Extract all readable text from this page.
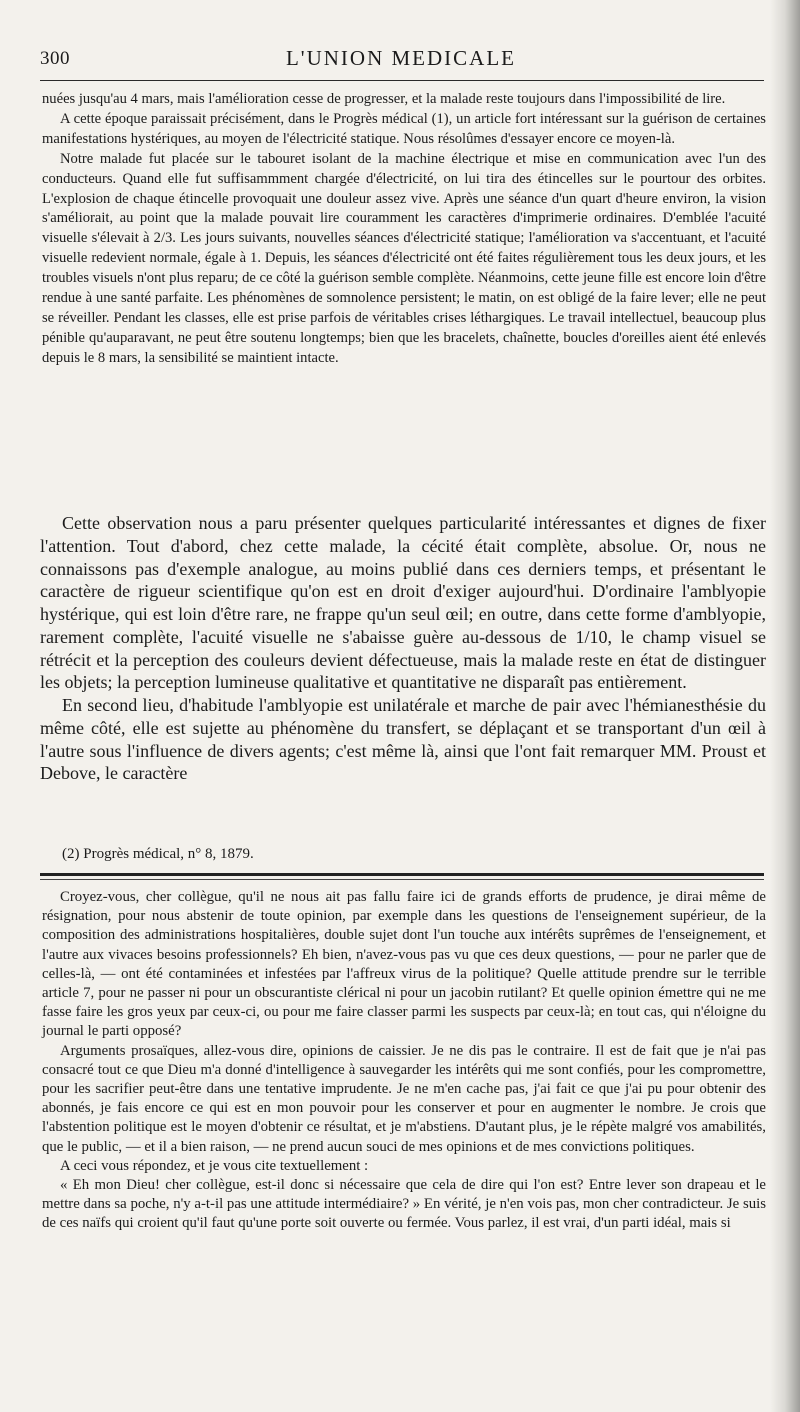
300	L'UNION MEDICALE

nuées jusqu'au 4 mars, mais l'amélioration cesse de progresser, et la malade reste toujours dans l'impossibilité de lire.

A cette époque paraissait précisément, dans le Progrès médical (1), un article fort intéressant sur la guérison de certaines manifestations hystériques, au moyen de l'électricité statique. Nous résolûmes d'essayer encore ce moyen-là.

Notre malade fut placée sur le tabouret isolant de la machine électrique et mise en communication avec l'un des conducteurs. Quand elle fut suffisammment chargée d'électricité, on lui tira des étincelles sur le pourtour des orbites. L'explosion de chaque étincelle provoquait une douleur assez vive. Après une séance d'un quart d'heure environ, la vision s'améliorait, au point que la malade pouvait lire couramment les caractères d'imprimerie ordinaires. D'emblée l'acuité visuelle s'élevait à 2/3. Les jours suivants, nouvelles séances d'électricité statique; l'amélioration va s'accentuant, et l'acuité visuelle redevient normale, égale à 1. Depuis, les séances d'électricité ont été faites régulièrement tous les deux jours, et les troubles visuels n'ont plus reparu; de ce côté la guérison semble complète. Néanmoins, cette jeune fille est encore loin d'être rendue à une santé parfaite. Les phénomènes de somnolence persistent; le matin, on est obligé de la faire lever; elle ne peut se réveiller. Pendant les classes, elle est prise parfois de véritables crises léthargiques. Le travail intellectuel, beaucoup plus pénible qu'auparavant, ne peut être soutenu longtemps; bien que les bracelets, chaînette, boucles d'oreilles aient été enlevés depuis le 8 mars, la sensibilité se maintient intacte.

Cette observation nous a paru présenter quelques particularité intéressantes et dignes de fixer l'attention. Tout d'abord, chez cette malade, la cécité était complète, absolue. Or, nous ne connaissons pas d'exemple analogue, au moins publié dans ces derniers temps, et présentant le caractère de rigueur scientifique qu'on est en droit d'exiger aujourd'hui. D'ordinaire l'amblyopie hystérique, qui est loin d'être rare, ne frappe qu'un seul œil; en outre, dans cette forme d'amblyopie, rarement complète, l'acuité visuelle ne s'abaisse guère au-dessous de 1/10, le champ visuel se rétrécit et la perception des couleurs devient défectueuse, mais la malade reste en état de distinguer les objets; la perception lumineuse qualitative et quantitative ne disparaît pas entièrement.

En second lieu, d'habitude l'amblyopie est unilatérale et marche de pair avec l'hémianesthésie du même côté, elle est sujette au phénomène du transfert, se déplaçant et se transportant d'un œil à l'autre sous l'influence de divers agents; c'est même là, ainsi que l'ont fait remarquer MM. Proust et Debove, le caractère

(2) Progrès médical, n° 8, 1879.

Croyez-vous, cher collègue, qu'il ne nous ait pas fallu faire ici de grands efforts de prudence, je dirai même de résignation, pour nous abstenir de toute opinion, par exemple dans les questions de l'enseignement supérieur, de la composition des administrations hospitalières, double sujet dont l'un touche aux intérêts suprêmes de l'enseignement, et l'autre aux vivaces besoins professionnels? Eh bien, n'avez-vous pas vu que ces deux questions, — pour ne parler que de celles-là, — ont été contaminées et infestées par l'affreux virus de la politique? Quelle attitude prendre sur le terrible article 7, pour ne passer ni pour un obscurantiste clérical ni pour un jacobin rutilant? Et quelle opinion émettre qui ne me fasse faire les gros yeux par ceux-ci, ou pour me faire classer parmi les suspects par ceux-là; en tout cas, qui n'éloigne du journal le parti opposé?

Arguments prosaïques, allez-vous dire, opinions de caissier. Je ne dis pas le contraire. Il est de fait que je n'ai pas consacré tout ce que Dieu m'a donné d'intelligence à sauvegarder les intérêts qui me sont confiés, pour les compromettre, pour les sacrifier peut-être dans une tentative imprudente. Je ne m'en cache pas, j'ai fait ce que j'ai pu pour obtenir des abonnés, je fais encore ce qui est en mon pouvoir pour les conserver et pour en augmenter le nombre. Je crois que l'abstention politique est le moyen d'obtenir ce résultat, et je m'abstiens. D'autant plus, je le répète malgré vos amabilités, que le public, — et il a bien raison, — ne prend aucun souci de mes opinions et de mes convictions politiques.

A ceci vous répondez, et je vous cite textuellement :

« Eh mon Dieu! cher collègue, est-il donc si nécessaire que cela de dire qui l'on est? Entre lever son drapeau et le mettre dans sa poche, n'y a-t-il pas une attitude intermédiaire? » En vérité, je n'en vois pas, mon cher contradicteur. Je suis de ces naïfs qui croient qu'il faut qu'une porte soit ouverte ou fermée. Vous parlez, il est vrai, d'un parti idéal, mais si
